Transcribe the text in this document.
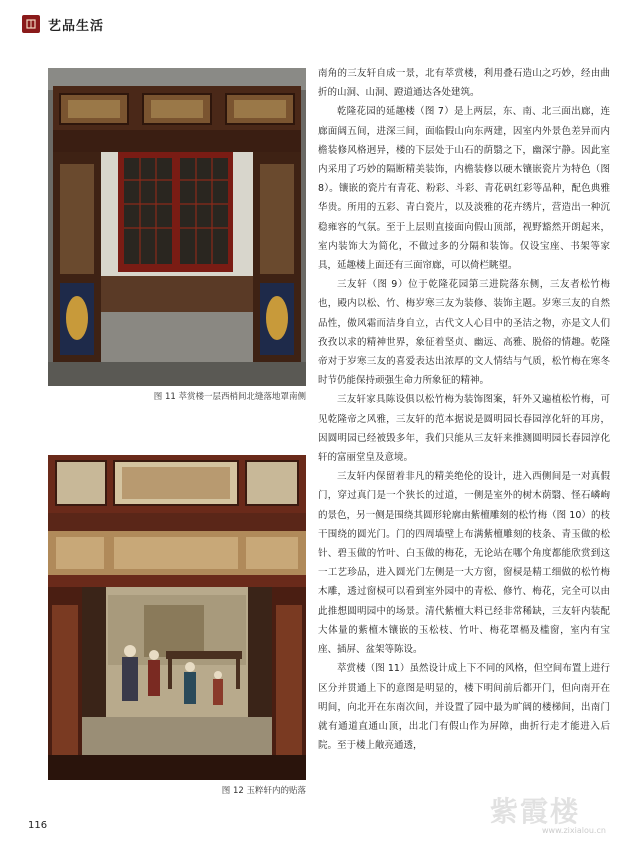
艺品生活
图 11 萃赏楼一层西梢间北缝落地罩南侧
图 12 玉粹轩内的贴落

南角的三友轩自成一景，北有萃赏楼，利用叠石造山之巧妙，经由曲折的山洞、山洞、蹬道通达各处建筑。

乾隆花园的延趣楼（图 7）是上两层，东、南、北三面出廊，连廊面阔五间，进深三间，面临假山向东两建，因室内外景色差异而内檐装修风格迥异，楼的下层处于山石的荫翳之下，幽深宁静。因此室内采用了巧妙的隔断精美装饰，内檐装修以硬木镶嵌瓷片为特色（图 8）。镶嵌的瓷片有青花、粉彩、斗彩、青花矾红彩等品种，配色典雅华贵。所用的五彩、青白瓷片，以及淡雅的花卉绣片，营造出一种沉稳雍容的气氛。至于上层则直接面向假山顶部，视野豁然开朗起来，室内装饰大为简化，不做过多的分隔和装饰。仅设宝座、书架等家具，延趣楼上面还有三面帘廊，可以倚栏眺望。

三友轩（图 9）位于乾隆花园第三进院落东侧，三友者松竹梅也，殿内以松、竹、梅岁寒三友为装修、装饰主题。岁寒三友的自然品性，傲风霜而洁身自立，古代文人心目中的圣洁之物，亦是文人们孜孜以求的精神世界，象征着坚贞、幽远、高雅、脱俗的情趣。乾隆帝对于岁寒三友的喜爱表达出浓厚的文人情结与气质，松竹梅在寒冬时节仍能保持顽强生命力所象征的精神。

三友轩家具陈设俱以松竹梅为装饰图案，轩外又遍植松竹梅，可见乾隆帝之风雅，三友轩的范本据说是圆明园长春园淳化轩的耳房，因圆明园已经被毁多年，我们只能从三友轩来推测圆明园长春园淳化轩的富丽堂皇及意境。

三友轩内保留着非凡的精美绝伦的设计，进入西侧间是一对真假门，穿过真门是一个狭长的过道，一侧是室外的树木荫翳、怪石嶙峋的景色，另一侧是围绕其圆形轮廓由紫檀雕刻的松竹梅（图 10）的枝干围绕的圆光门。门的四周墙壁上布满紫檀雕刻的枝条、青玉做的松针、碧玉做的竹叶、白玉做的梅花，无论站在哪个角度都能欣赏到这一工艺珍品，进入圆光门左侧是一大方窗，窗棂是精工细做的松竹梅木雕，透过窗棂可以看到室外园中的青松、修竹、梅花，完全可以由此推想圆明园中的场景。清代紫檀大料已经非常稀缺，三友轩内装配大体量的紫檀木镶嵌的玉松枝、竹叶、梅花罩槅及槛窗，室内有宝座、插屏、盆架等陈设。

萃赏楼（图 11）虽然设计成上下不同的风格，但空间布置上进行区分并贯通上下的意图是明显的，楼下明间前后都开门，但向南开在明间，向北开在东南次间，并设置了园中最为旷阔的楼梯间，出南门就有通道直通山顶，出北门有假山作为屏障，曲折行走才能进入后院。至于楼上敞亮通透，

116	紫霞楼
www.zixialou.cn
